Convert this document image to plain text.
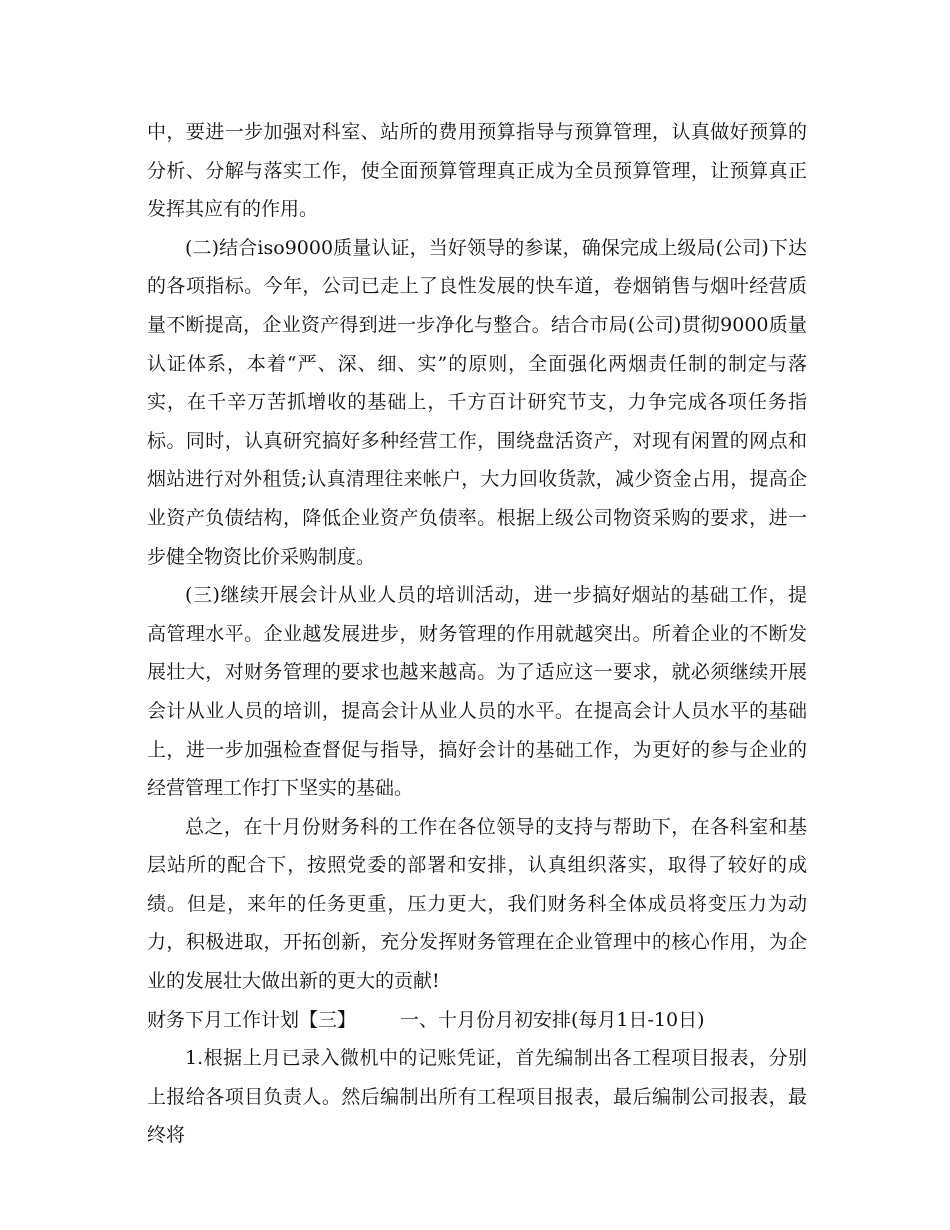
中，要进一步加强对科室、站所的费用预算指导与预算管理，认真做好预算的分析、分解与落实工作，使全面预算管理真正成为全员预算管理，让预算真正发挥其应有的作用。

(二)结合iso9000质量认证，当好领导的参谋，确保完成上级局(公司)下达的各项指标。今年，公司已走上了良性发展的快车道，卷烟销售与烟叶经营质量不断提高，企业资产得到进一步净化与整合。结合市局(公司)贯彻9000质量认证体系，本着“严、深、细、实”的原则，全面强化两烟责任制的制定与落实，在千辛万苦抓增收的基础上，千方百计研究节支，力争完成各项任务指标。同时，认真研究搞好多种经营工作，围绕盘活资产，对现有闲置的网点和烟站进行对外租赁;认真清理往来帐户，大力回收货款，减少资金占用，提高企业资产负债结构，降低企业资产负债率。根据上级公司物资采购的要求，进一步健全物资比价采购制度。

(三)继续开展会计从业人员的培训活动，进一步搞好烟站的基础工作，提高管理水平。企业越发展进步，财务管理的作用就越突出。所着企业的不断发展壮大，对财务管理的要求也越来越高。为了适应这一要求，就必须继续开展会计从业人员的培训，提高会计从业人员的水平。在提高会计人员水平的基础上，进一步加强检查督促与指导，搞好会计的基础工作，为更好的参与企业的经营管理工作打下坚实的基础。

总之，在十月份财务科的工作在各位领导的支持与帮助下，在各科室和基层站所的配合下，按照党委的部署和安排，认真组织落实，取得了较好的成绩。但是，来年的任务更重，压力更大，我们财务科全体成员将变压力为动力，积极进取，开拓创新，充分发挥财务管理在企业管理中的核心作用，为企业的发展壮大做出新的更大的贡献!

财务下月工作计划【三】 一、十月份月初安排(每月1日-10日)

1.根据上月已录入微机中的记账凭证，首先编制出各工程项目报表，分别上报给各项目负责人。然后编制出所有工程项目报表，最后编制公司报表，最终将
